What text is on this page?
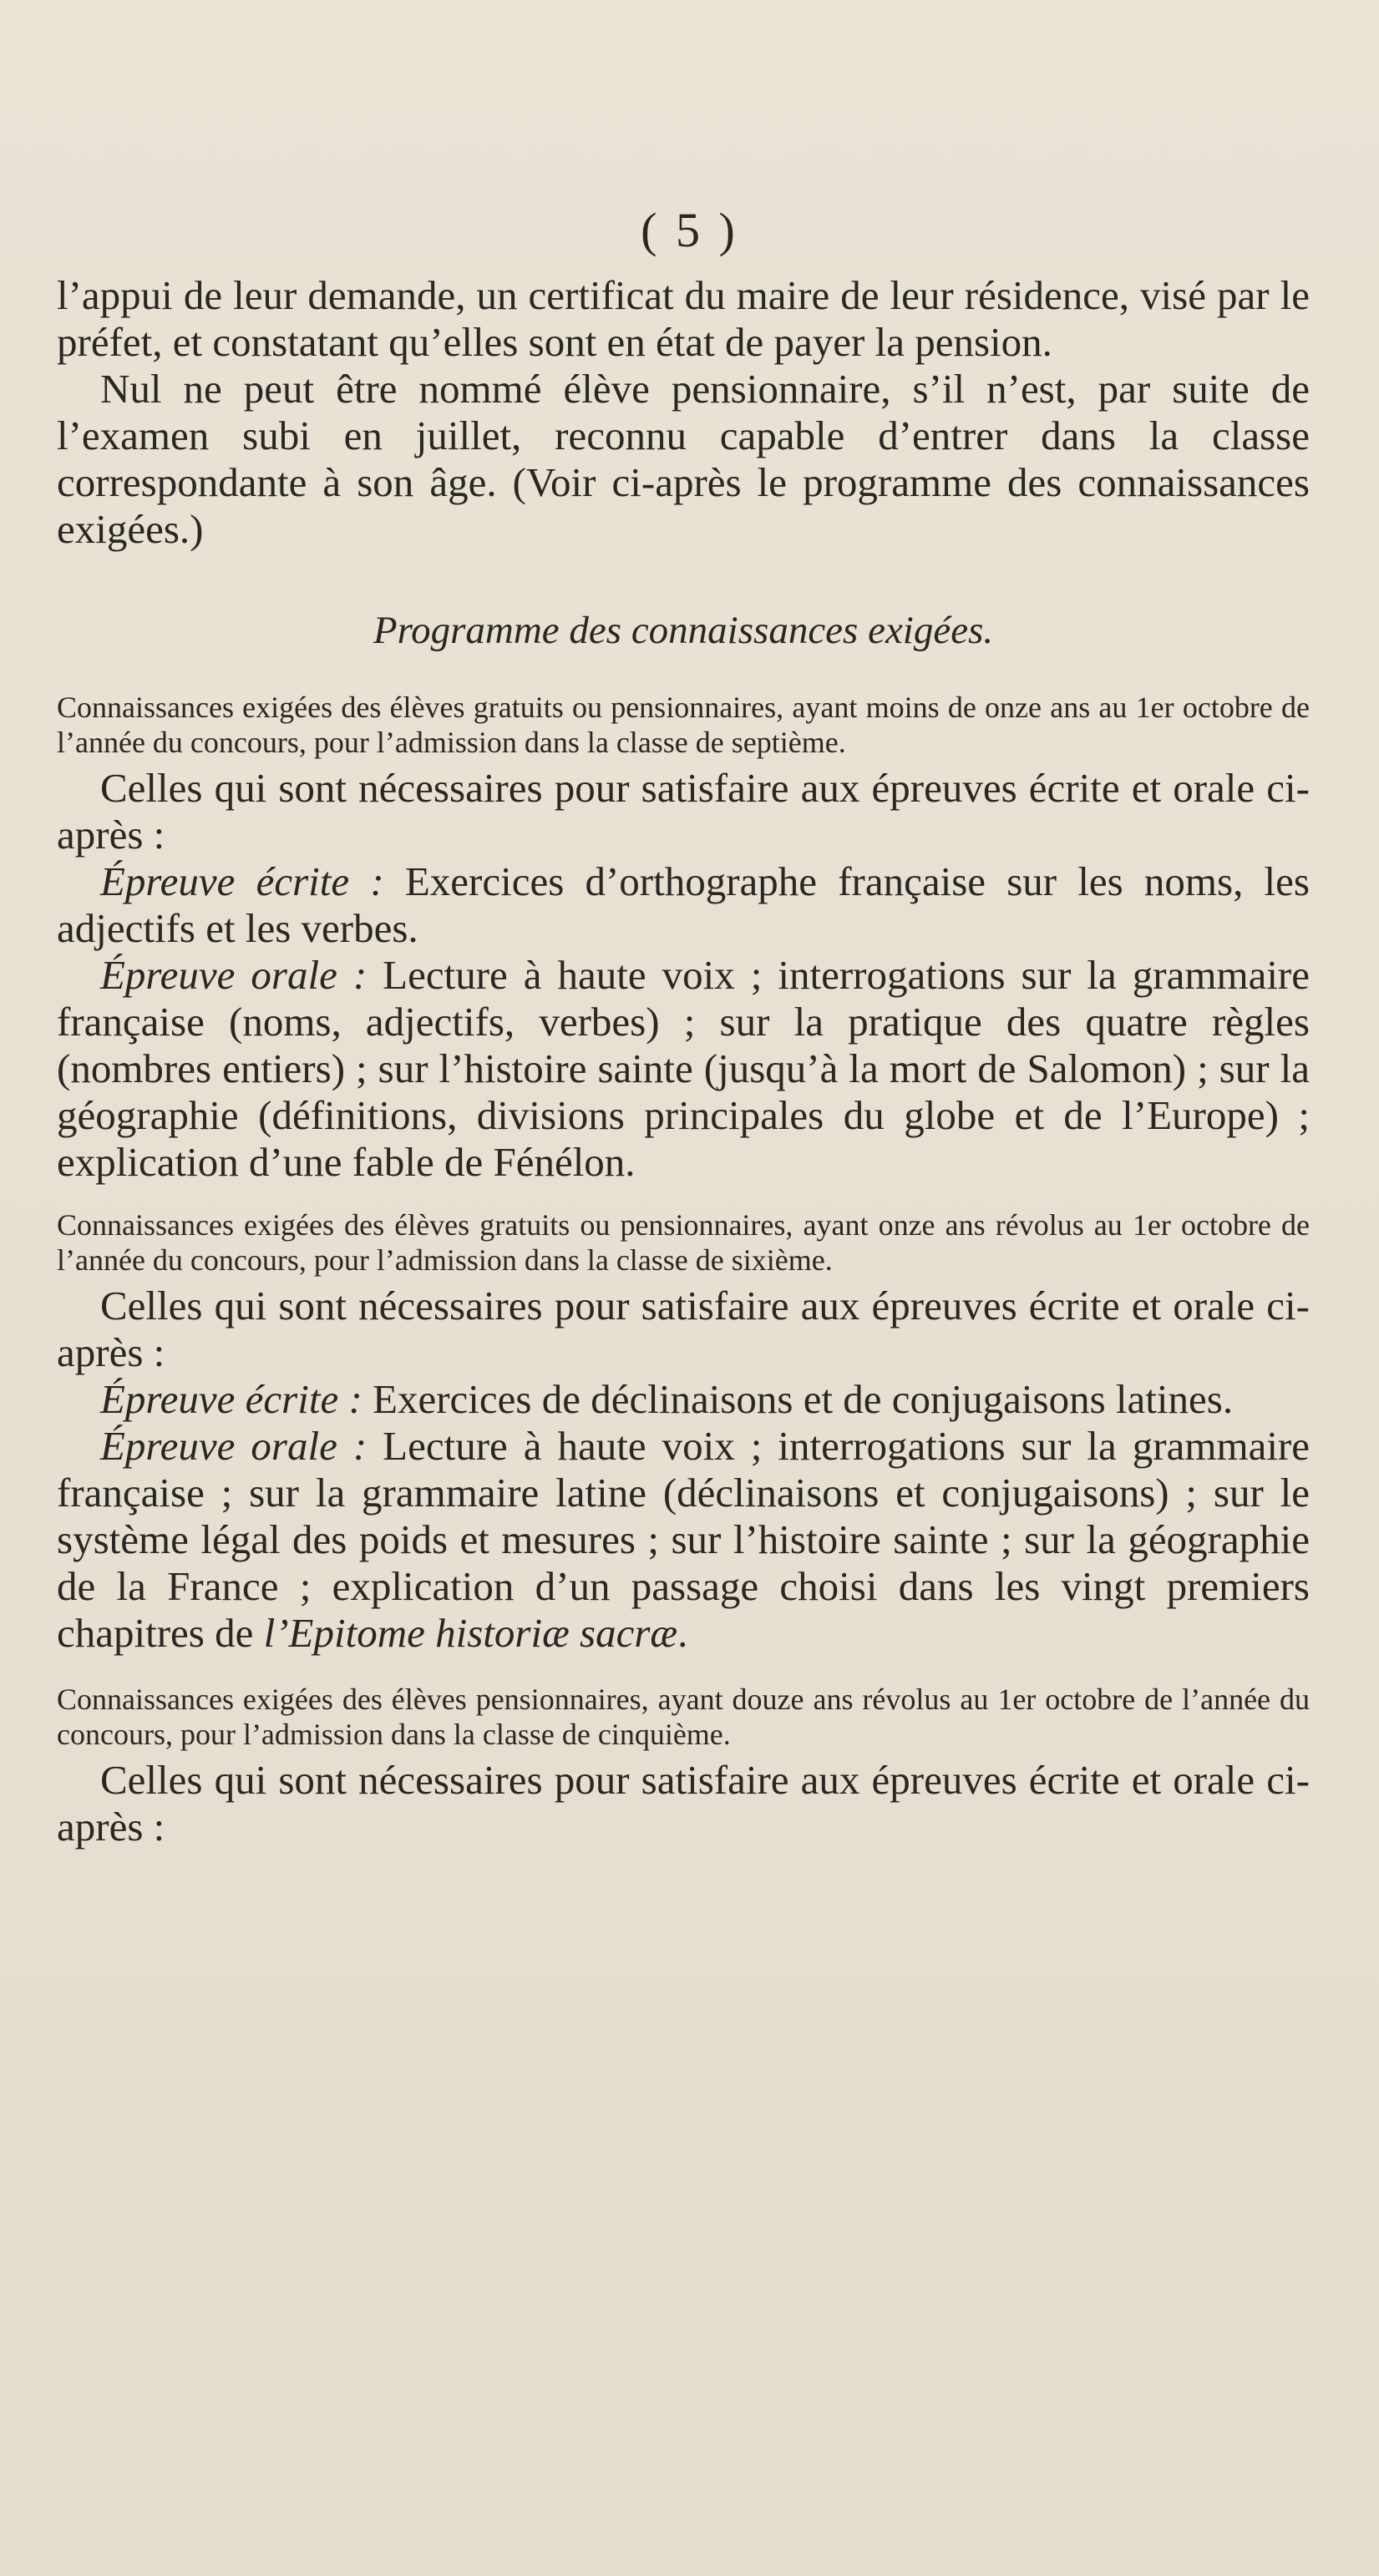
( 5 )

l’appui de leur demande, un certificat du maire de leur résidence, visé par le préfet, et constatant qu’elles sont en état de payer la pension.

Nul ne peut être nommé élève pensionnaire, s’il n’est, par suite de l’examen subi en juillet, reconnu capable d’entrer dans la classe correspondante à son âge. (Voir ci-après le programme des connaissances exigées.)

Programme des connaissances exigées.

Connaissances exigées des élèves gratuits ou pensionnaires, ayant moins de onze ans au 1er octobre de l’année du concours, pour l’admission dans la classe de septième.

Celles qui sont nécessaires pour satisfaire aux épreuves écrite et orale ci-après :

Épreuve écrite : Exercices d’orthographe française sur les noms, les adjectifs et les verbes.

Épreuve orale : Lecture à haute voix ; interrogations sur la grammaire française (noms, adjectifs, verbes) ; sur la pratique des quatre règles (nombres entiers) ; sur l’histoire sainte (jusqu’à la mort de Salomon) ; sur la géographie (définitions, divisions principales du globe et de l’Europe) ; explication d’une fable de Fénélon.

Connaissances exigées des élèves gratuits ou pensionnaires, ayant onze ans révolus au 1er octobre de l’année du concours, pour l’admission dans la classe de sixième.

Celles qui sont nécessaires pour satisfaire aux épreuves écrite et orale ci-après :

Épreuve écrite : Exercices de déclinaisons et de conjugaisons latines.

Épreuve orale : Lecture à haute voix ; interrogations sur la grammaire française ; sur la grammaire latine (déclinaisons et conjugaisons) ; sur le système légal des poids et mesures ; sur l’histoire sainte ; sur la géographie de la France ; explication d’un passage choisi dans les vingt premiers chapitres de l’Epitome historiæ sacræ.

Connaissances exigées des élèves pensionnaires, ayant douze ans révolus au 1er octobre de l’année du concours, pour l’admission dans la classe de cinquième.

Celles qui sont nécessaires pour satisfaire aux épreuves écrite et orale ci-après :
